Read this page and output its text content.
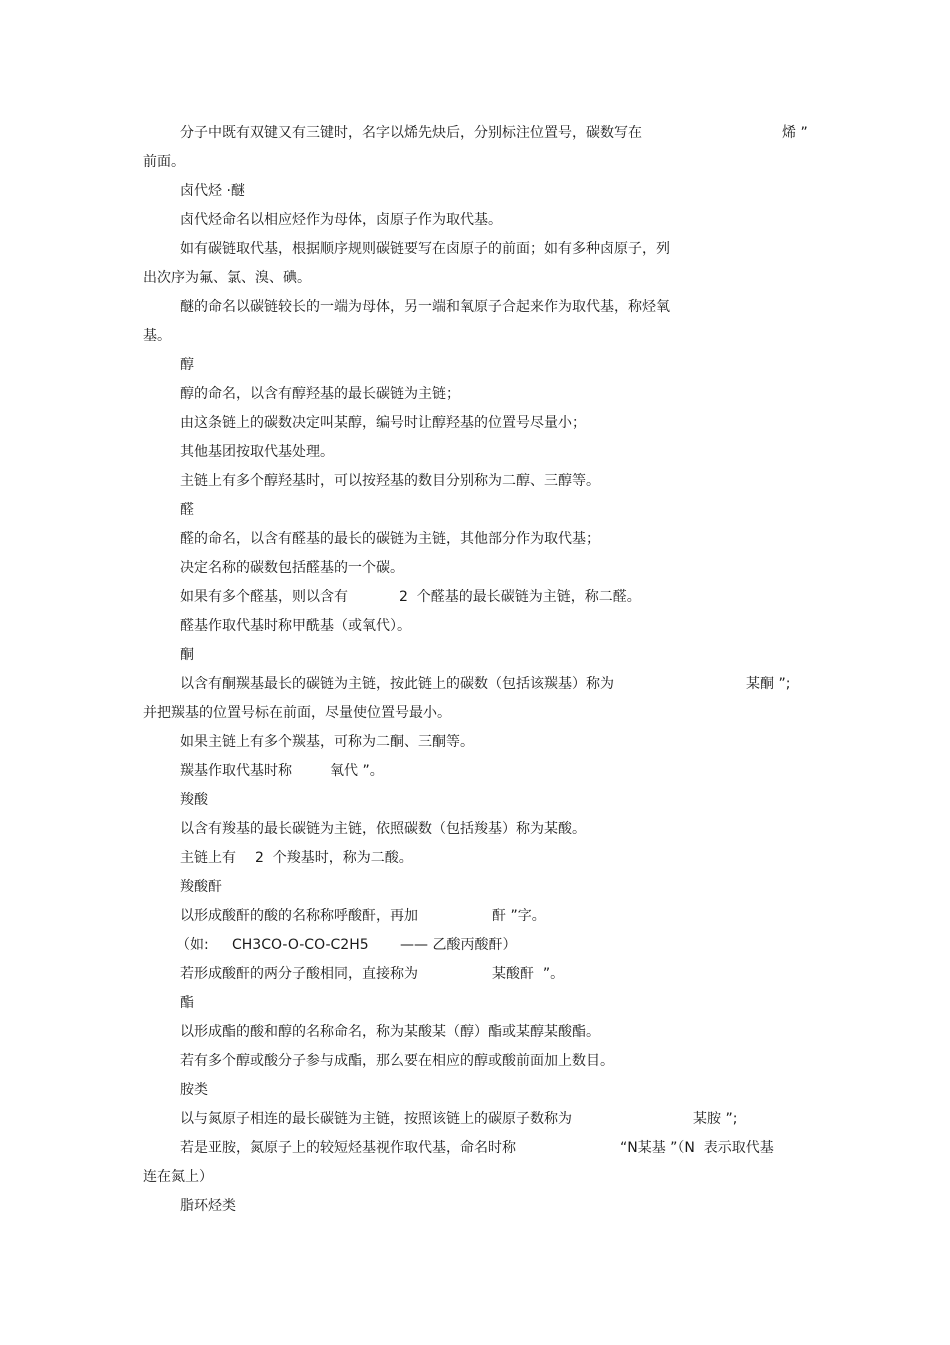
分子中既有双键又有三键时，名字以烯先炔后，分别标注位置号，碳数写在	烯 ”
前面。
卤代烃 ·醚
卤代烃命名以相应烃作为母体，卤原子作为取代基。
如有碳链取代基，根据顺序规则碳链要写在卤原子的前面；如有多种卤原子，列
出次序为氟、氯、溴、碘。
醚的命名以碳链较长的一端为母体，另一端和氧原子合起来作为取代基，称烃氧
基。
醇
醇的命名，以含有醇羟基的最长碳链为主链；
由这条链上的碳数决定叫某醇，编号时让醇羟基的位置号尽量小；
其他基团按取代基处理。
主链上有多个醇羟基时，可以按羟基的数目分别称为二醇、三醇等。
醛
醛的命名，以含有醛基的最长的碳链为主链，其他部分作为取代基；
决定名称的碳数包括醛基的一个碳。
如果有多个醛基，则以含有	2  个醛基的最长碳链为主链，称二醛。
醛基作取代基时称甲酰基（或氧代）。
酮
以含有酮羰基最长的碳链为主链，按此链上的碳数（包括该羰基）称为	某酮 ”;
并把羰基的位置号标在前面，尽量使位置号最小。
如果主链上有多个羰基，可称为二酮、三酮等。
羰基作取代基时称	氧代 ”。
羧酸
以含有羧基的最长碳链为主链，依照碳数（包括羧基）称为某酸。
主链上有 2  个羧基时，称为二酸。
羧酸酐
以形成酸酐的酸的名称称呼酸酐，再加	酐 ”字。
（如: CH3CO-O-CO-C2H5 —— 乙酸丙酸酐）
若形成酸酐的两分子酸相同，直接称为	某酸酐  ”。
酯
以形成酯的酸和醇的名称命名，称为某酸某（醇）酯或某醇某酸酯。
若有多个醇或酸分子参与成酯，那么要在相应的醇或酸前面加上数目。
胺类
以与氮原子相连的最长碳链为主链，按照该链上的碳原子数称为	某胺 ”;
若是亚胺，氮原子上的较短烃基视作取代基，命名时称	“N某基 ”（N  表示取代基
连在氮上）
脂环烃类
